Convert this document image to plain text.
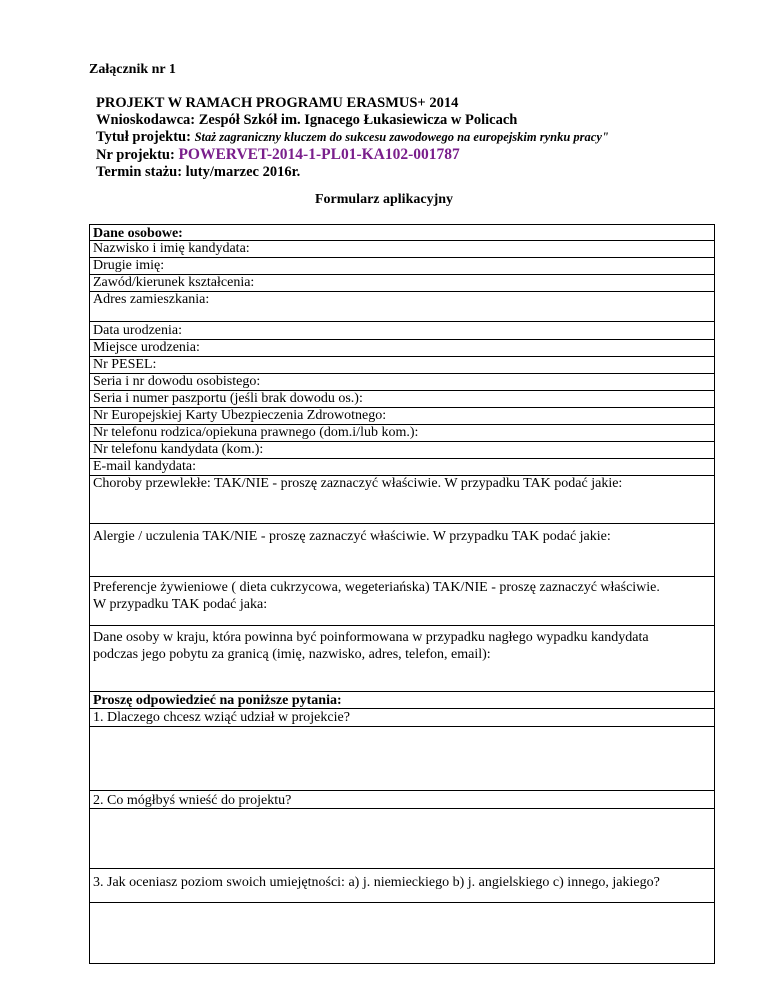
Załącznik nr 1
PROJEKT W RAMACH PROGRAMU ERASMUS+ 2014
Wnioskodawca: Zespół Szkół im. Ignacego Łukasiewicza w Policach
Tytuł projektu: Staż zagraniczny kluczem do sukcesu zawodowego na europejskim rynku pracy"
Nr projektu: POWERVET-2014-1-PL01-KA102-001787
Termin stażu: luty/marzec 2016r.
Formularz aplikacyjny
Dane osobowe:
Nazwisko i imię kandydata:
Drugie imię:
Zawód/kierunek kształcenia:
Adres zamieszkania:
Data urodzenia:
Miejsce urodzenia:
Nr PESEL:
Seria i nr dowodu osobistego:
Seria i numer paszportu (jeśli brak dowodu os.):
Nr Europejskiej Karty Ubezpieczenia Zdrowotnego:
Nr telefonu rodzica/opiekuna prawnego (dom.i/lub kom.):
Nr telefonu kandydata (kom.):
E-mail kandydata:
Choroby przewlekłe: TAK/NIE - proszę zaznaczyć właściwie. W przypadku TAK podać jakie:
Alergie / uczulenia TAK/NIE - proszę zaznaczyć właściwie. W przypadku TAK podać jakie:
Preferencje żywieniowe ( dieta cukrzycowa, wegeteriańska) TAK/NIE - proszę zaznaczyć właściwie. W przypadku TAK podać jaka:
Dane osoby w kraju, która powinna być poinformowana w przypadku nagłego wypadku kandydata podczas jego pobytu za granicą (imię, nazwisko, adres, telefon, email):
Proszę odpowiedzieć na poniższe pytania:
1. Dlaczego chcesz wziąć udział w projekcie?
2. Co mógłbyś wnieść do projektu?
3. Jak oceniasz poziom swoich umiejętności: a) j. niemieckiego b) j. angielskiego c) innego, jakiego?
